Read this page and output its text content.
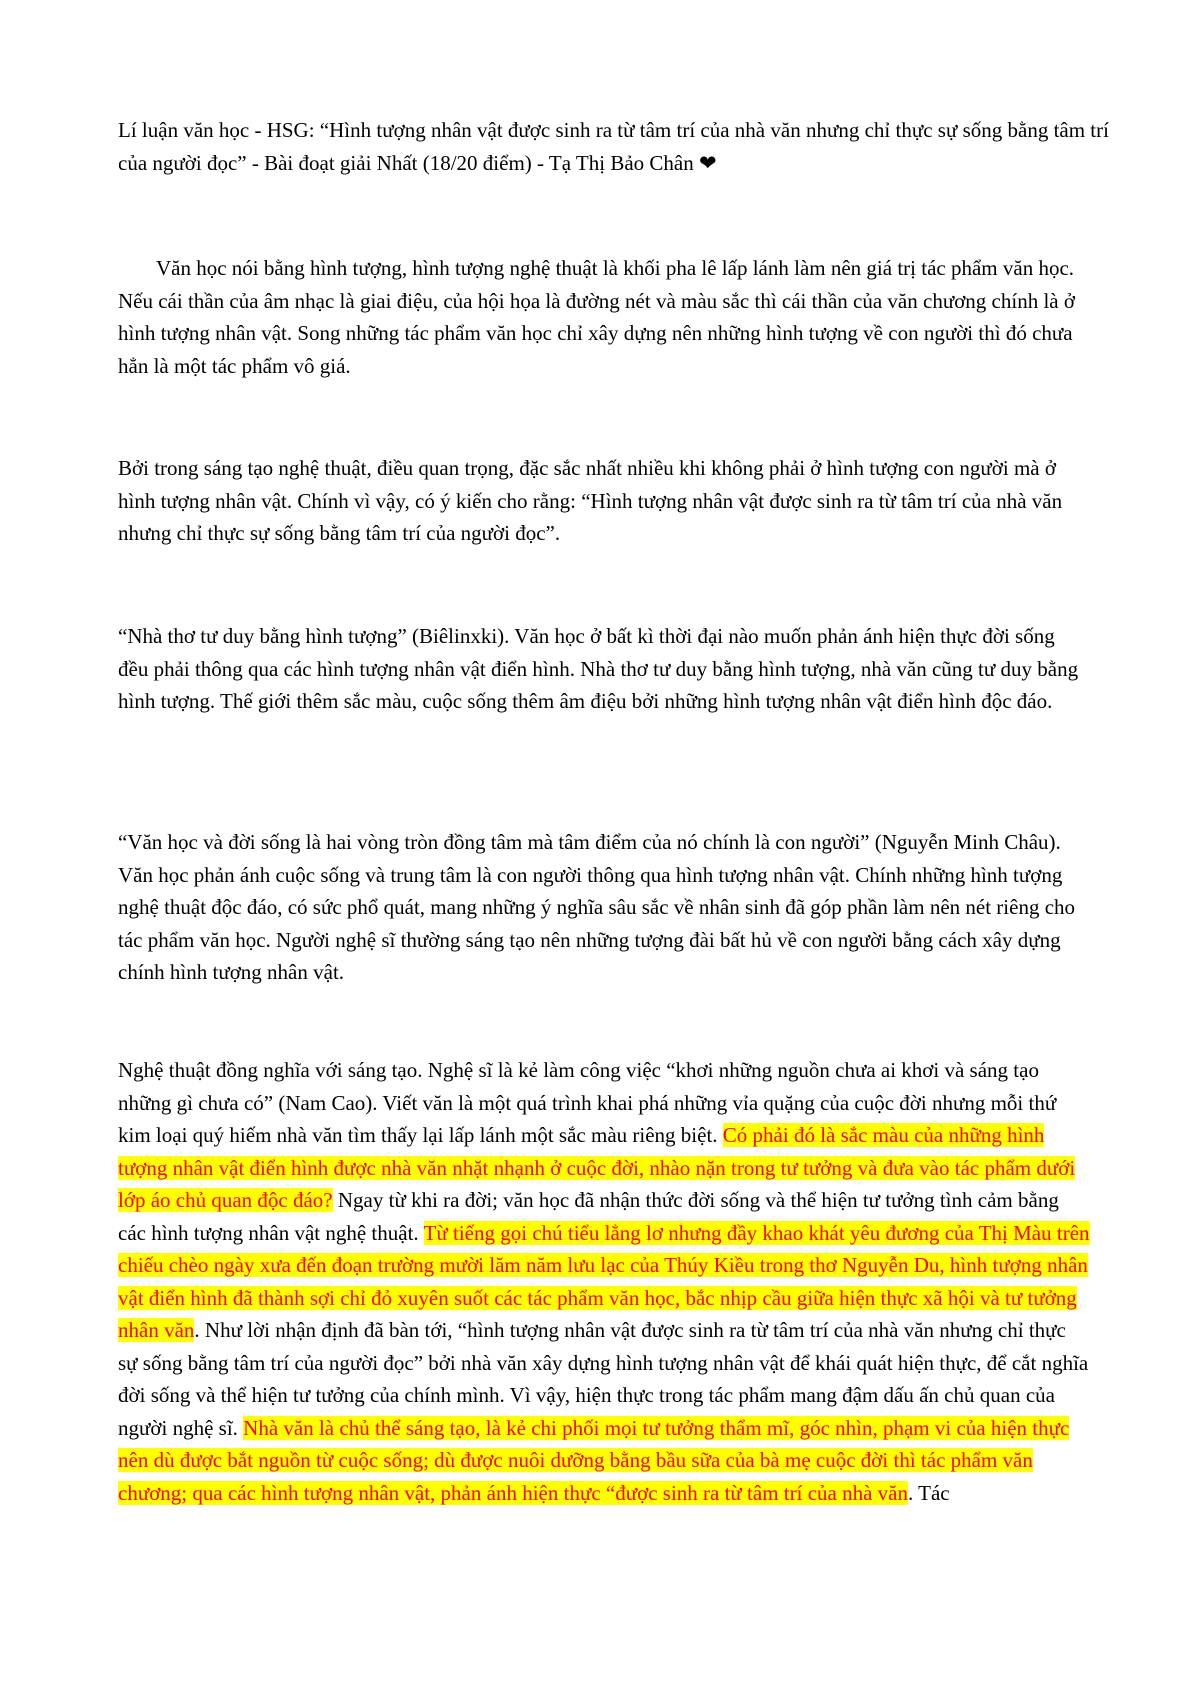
Lí luận văn học - HSG: “Hình tượng nhân vật được sinh ra từ tâm trí của nhà văn nhưng chỉ thực sự sống bằng tâm trí của người đọc” - Bài đoạt giải Nhất (18/20 điểm) - Tạ Thị Bảo Chân ❤

Văn học nói bằng hình tượng, hình tượng nghệ thuật là khối pha lê lấp lánh làm nên giá trị tác phẩm văn học. Nếu cái thần của âm nhạc là giai điệu, của hội họa là đường nét và màu sắc thì cái thần của văn chương chính là ở hình tượng nhân vật. Song những tác phẩm văn học chỉ xây dựng nên những hình tượng về con người thì đó chưa hẳn là một tác phẩm vô giá.

Bởi trong sáng tạo nghệ thuật, điều quan trọng, đặc sắc nhất nhiều khi không phải ở hình tượng con người mà ở hình tượng nhân vật. Chính vì vậy, có ý kiến cho rằng: “Hình tượng nhân vật được sinh ra từ tâm trí của nhà văn nhưng chỉ thực sự sống bằng tâm trí của người đọc”.

“Nhà thơ tư duy bằng hình tượng” (Biêlinxki). Văn học ở bất kì thời đại nào muốn phản ánh hiện thực đời sống đều phải thông qua các hình tượng nhân vật điển hình. Nhà thơ tư duy bằng hình tượng, nhà văn cũng tư duy bằng hình tượng. Thế giới thêm sắc màu, cuộc sống thêm âm điệu bởi những hình tượng nhân vật điển hình độc đáo.

“Văn học và đời sống là hai vòng tròn đồng tâm mà tâm điểm của nó chính là con người” (Nguyễn Minh Châu). Văn học phản ánh cuộc sống và trung tâm là con người thông qua hình tượng nhân vật. Chính những hình tượng nghệ thuật độc đáo, có sức phổ quát, mang những ý nghĩa sâu sắc về nhân sinh đã góp phần làm nên nét riêng cho tác phẩm văn học. Người nghệ sĩ thường sáng tạo nên những tượng đài bất hủ về con người bằng cách xây dựng chính hình tượng nhân vật.

Nghệ thuật đồng nghĩa với sáng tạo. Nghệ sĩ là kẻ làm công việc “khơi những nguồn chưa ai khơi và sáng tạo những gì chưa có” (Nam Cao). Viết văn là một quá trình khai phá những vỉa quặng của cuộc đời nhưng mỗi thứ kim loại quý hiếm nhà văn tìm thấy lại lấp lánh một sắc màu riêng biệt. Có phải đó là sắc màu của những hình tượng nhân vật điển hình được nhà văn nhặt nhạnh ở cuộc đời, nhào nặn trong tư tưởng và đưa vào tác phẩm dưới lớp áo chủ quan độc đáo? Ngay từ khi ra đời; văn học đã nhận thức đời sống và thể hiện tư tưởng tình cảm bằng các hình tượng nhân vật nghệ thuật. Từ tiếng gọi chú tiểu lẳng lơ nhưng đầy khao khát yêu đương của Thị Màu trên chiếu chèo ngày xưa đến đoạn trường mười lăm năm lưu lạc của Thúy Kiều trong thơ Nguyễn Du, hình tượng nhân vật điển hình đã thành sợi chỉ đỏ xuyên suốt các tác phẩm văn học, bắc nhịp cầu giữa hiện thực xã hội và tư tưởng nhân văn. Như lời nhận định đã bàn tới, “hình tượng nhân vật được sinh ra từ tâm trí của nhà văn nhưng chỉ thực sự sống bằng tâm trí của người đọc” bởi nhà văn xây dựng hình tượng nhân vật để khái quát hiện thực, để cắt nghĩa đời sống và thể hiện tư tưởng của chính mình. Vì vậy, hiện thực trong tác phẩm mang đậm dấu ấn chủ quan của người nghệ sĩ. Nhà văn là chủ thể sáng tạo, là kẻ chi phối mọi tư tưởng thẩm mĩ, góc nhìn, phạm vi của hiện thực nên dù được bắt nguồn từ cuộc sống; dù được nuôi dưỡng bằng bầu sữa của bà mẹ cuộc đời thì tác phẩm văn chương; qua các hình tượng nhân vật, phản ánh hiện thực “được sinh ra từ tâm trí của nhà văn. Tác
